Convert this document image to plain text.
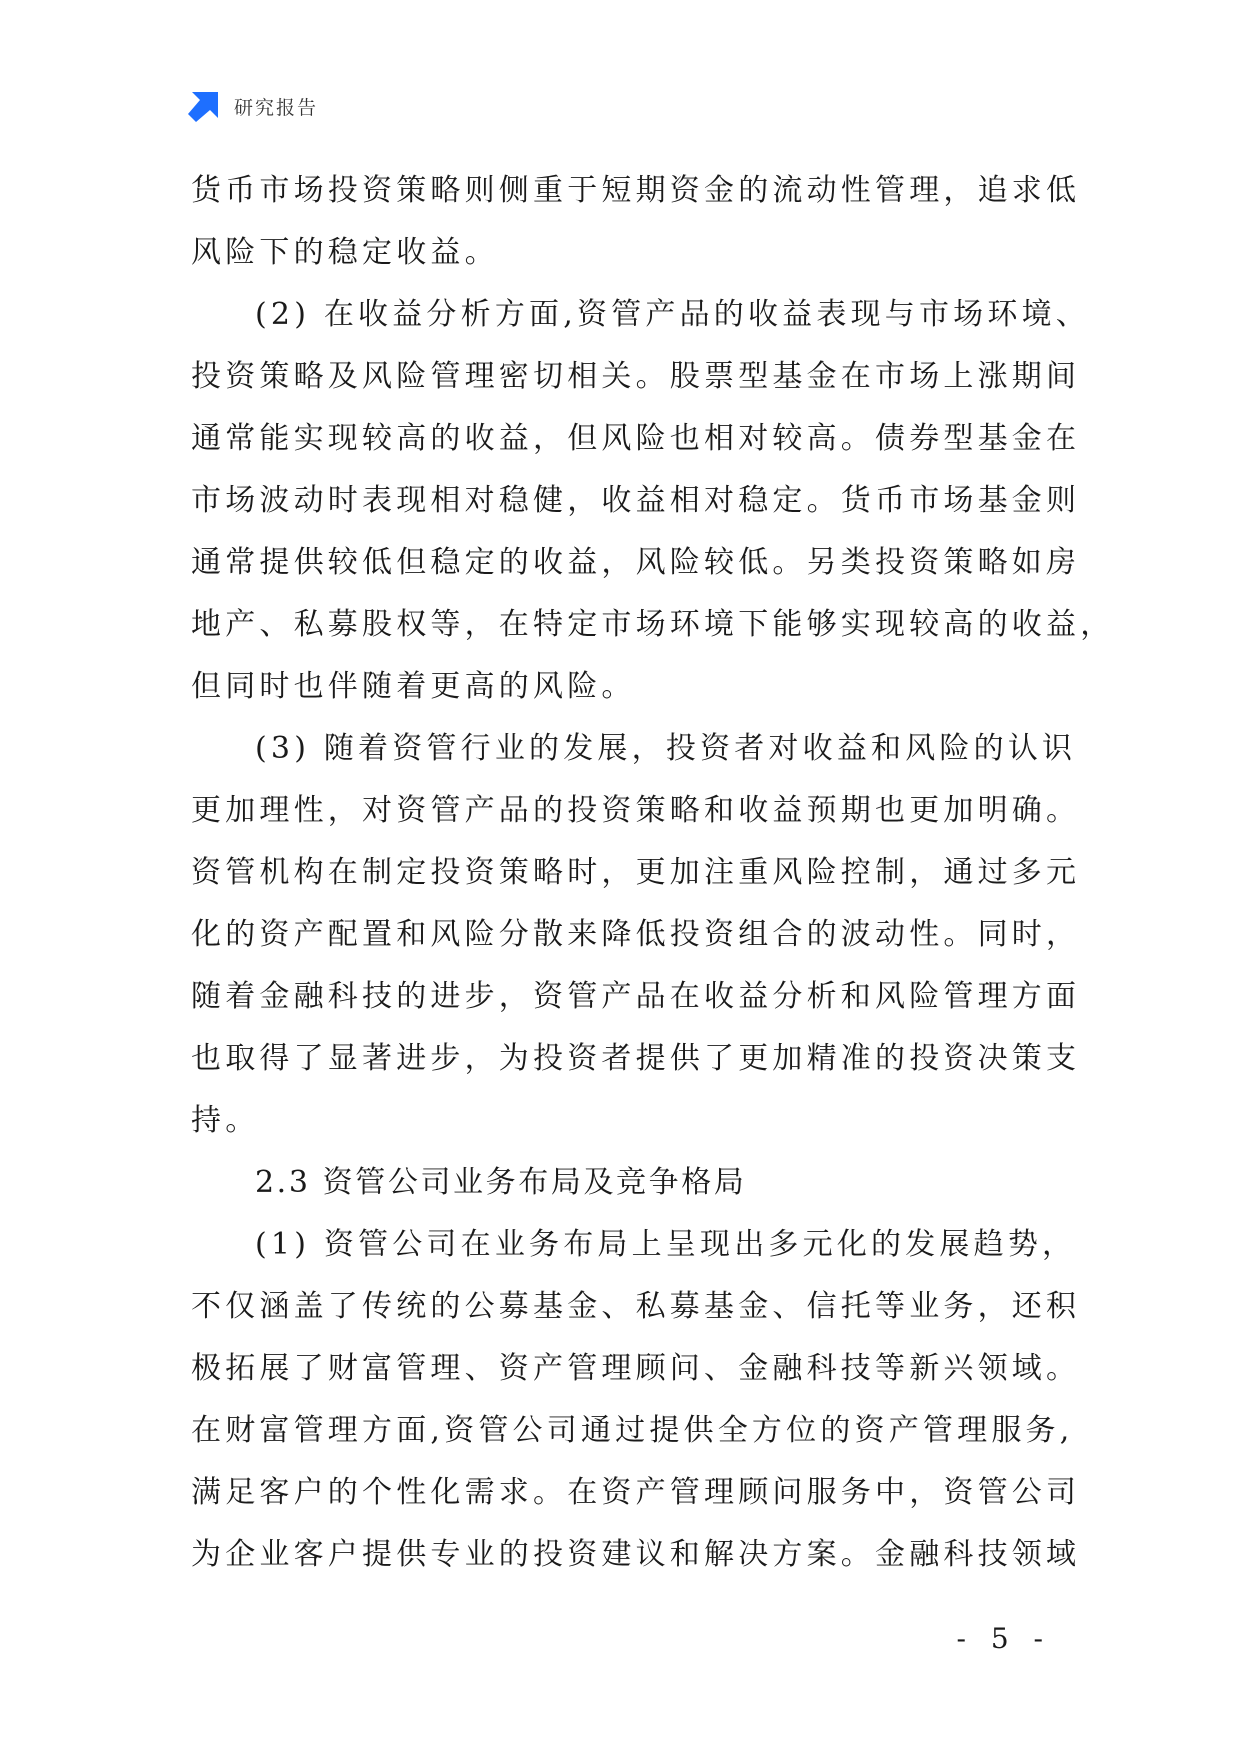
研究报告
货币市场投资策略则侧重于短期资金的流动性管理，追求低
风险下的稳定收益。
(2) 在收益分析方面,资管产品的收益表现与市场环境、
投资策略及风险管理密切相关。股票型基金在市场上涨期间
通常能实现较高的收益，但风险也相对较高。债券型基金在
市场波动时表现相对稳健，收益相对稳定。货币市场基金则
通常提供较低但稳定的收益，风险较低。另类投资策略如房
地产、私募股权等，在特定市场环境下能够实现较高的收益，
但同时也伴随着更高的风险。
(3) 随着资管行业的发展，投资者对收益和风险的认识
更加理性，对资管产品的投资策略和收益预期也更加明确。
资管机构在制定投资策略时，更加注重风险控制，通过多元
化的资产配置和风险分散来降低投资组合的波动性。同时，
随着金融科技的进步，资管产品在收益分析和风险管理方面
也取得了显著进步，为投资者提供了更加精准的投资决策支
持。
2.3 资管公司业务布局及竞争格局
(1) 资管公司在业务布局上呈现出多元化的发展趋势，
不仅涵盖了传统的公募基金、私募基金、信托等业务，还积
极拓展了财富管理、资产管理顾问、金融科技等新兴领域。
在财富管理方面,资管公司通过提供全方位的资产管理服务,
满足客户的个性化需求。在资产管理顾问服务中，资管公司
为企业客户提供专业的投资建议和解决方案。金融科技领域
- 5 -
